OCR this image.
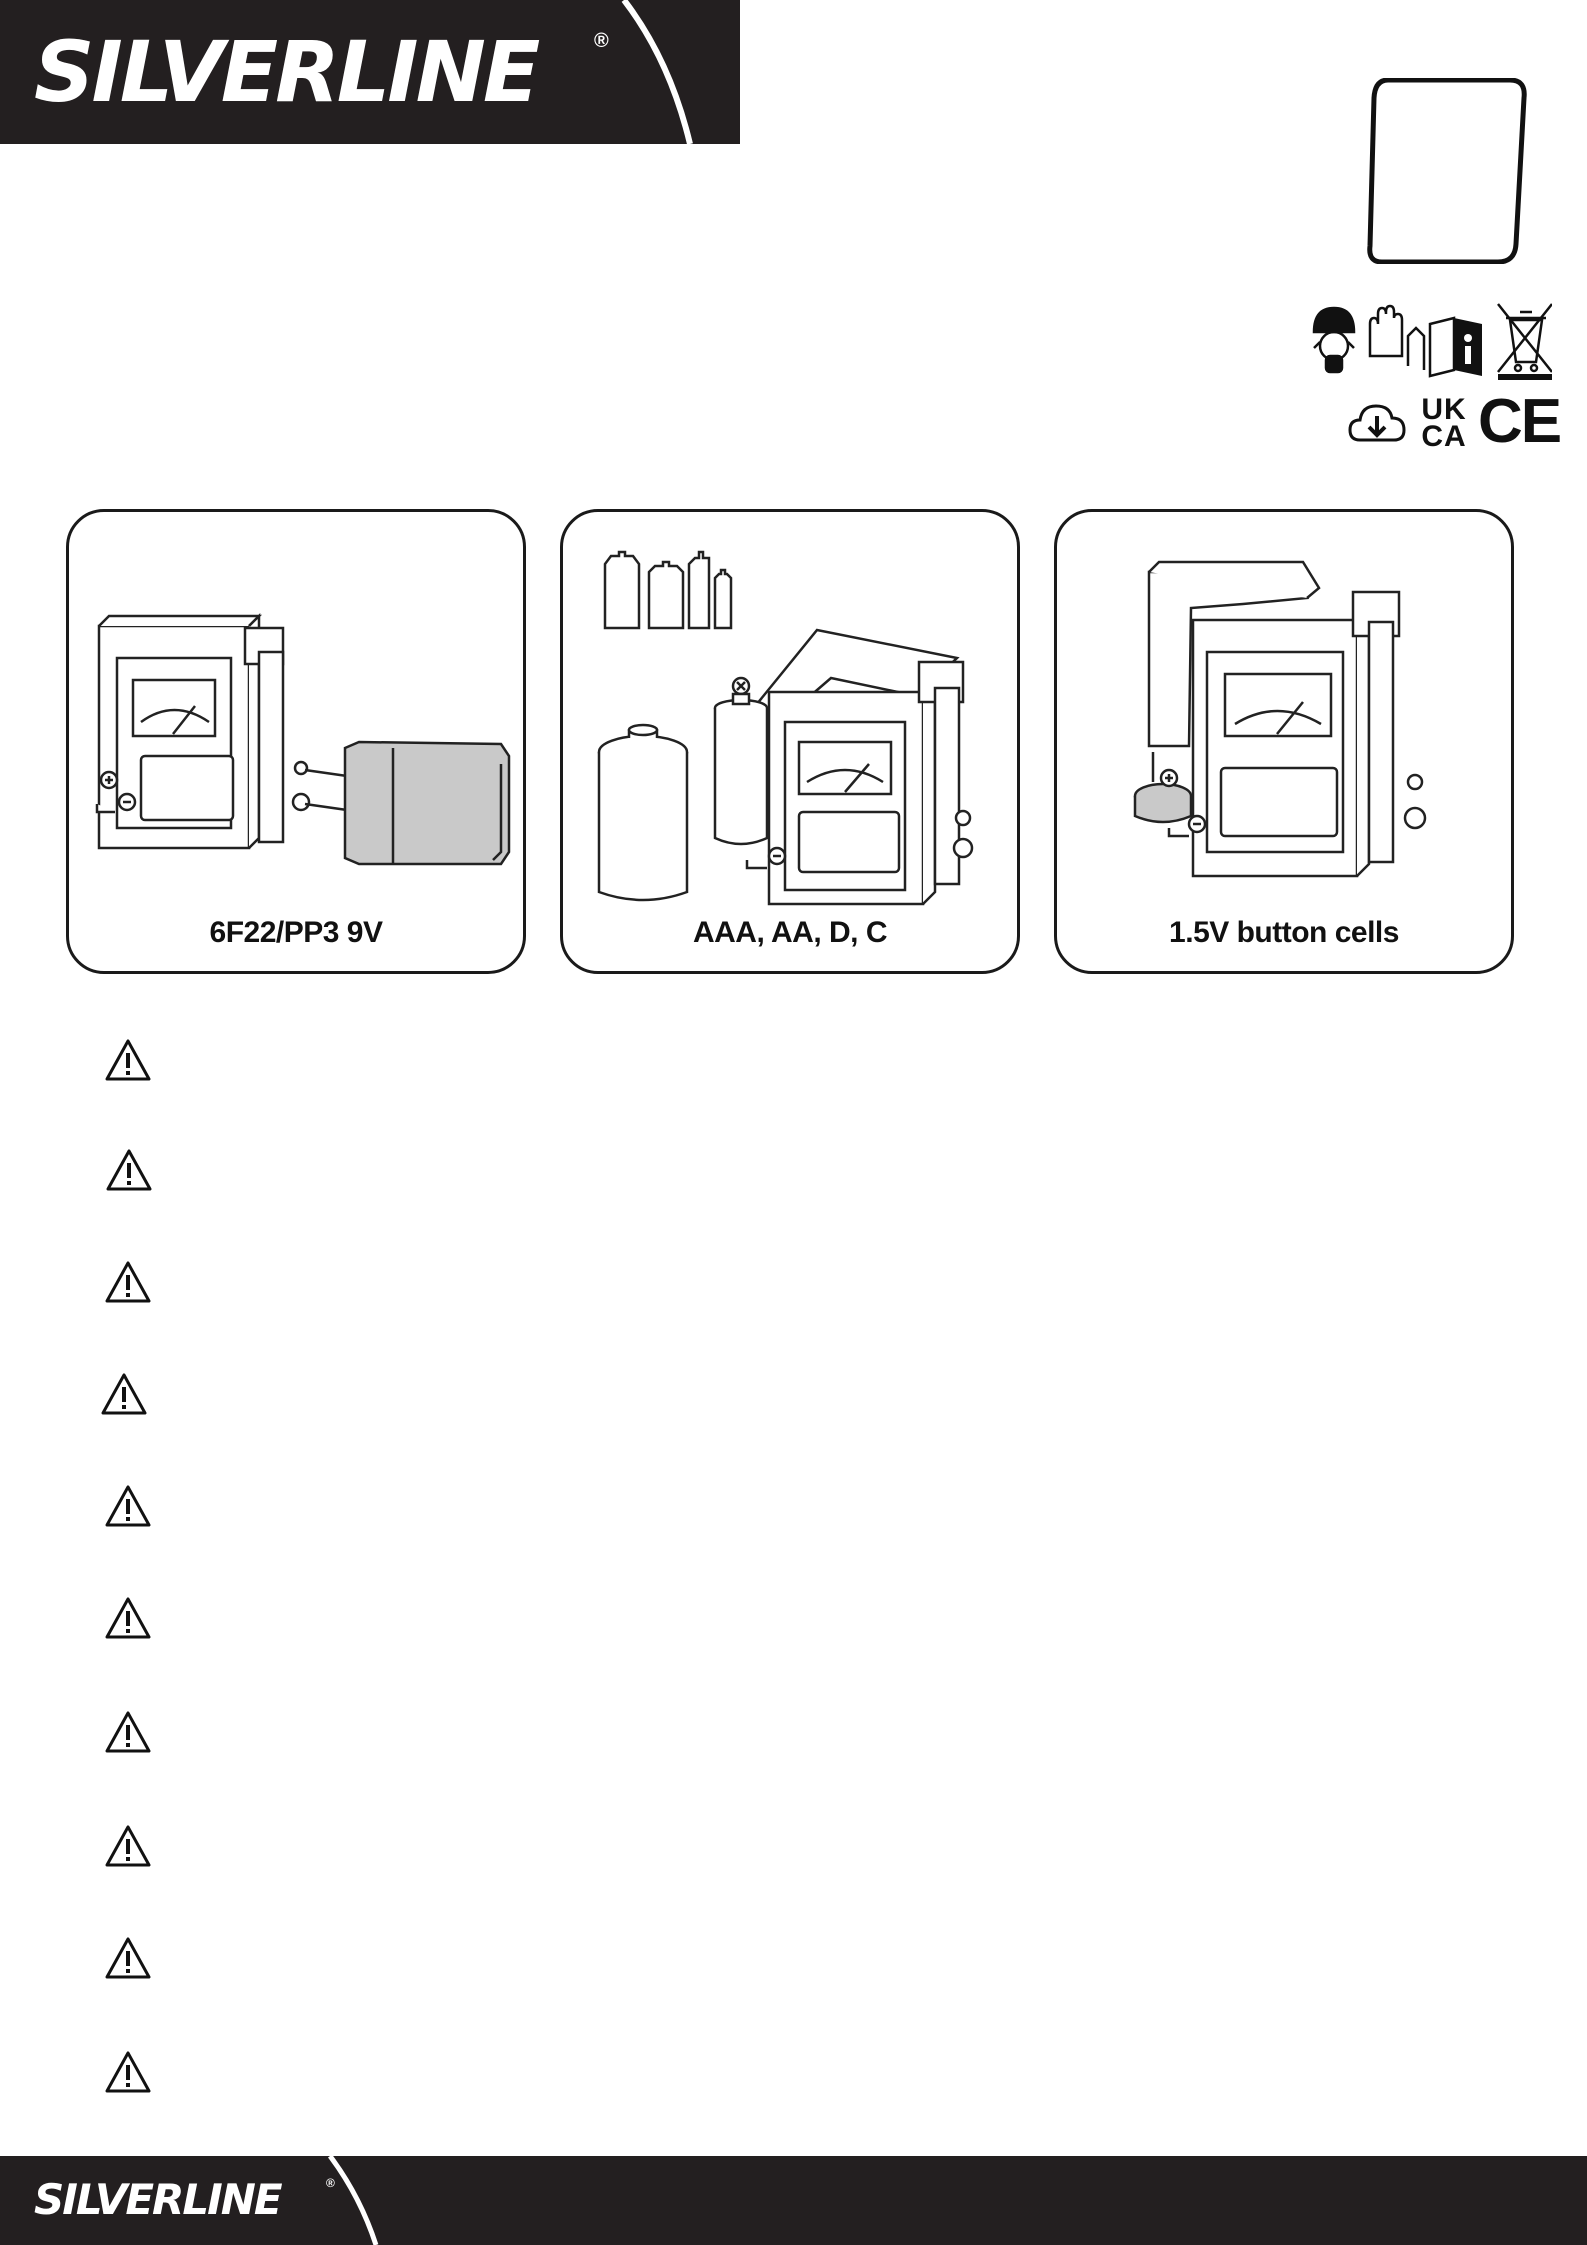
SILVERLINE	®
UK
CA CE
6F22/PP3 9V	AAA, AA, D, C	1.5V button cells
SILVERLINE	®
